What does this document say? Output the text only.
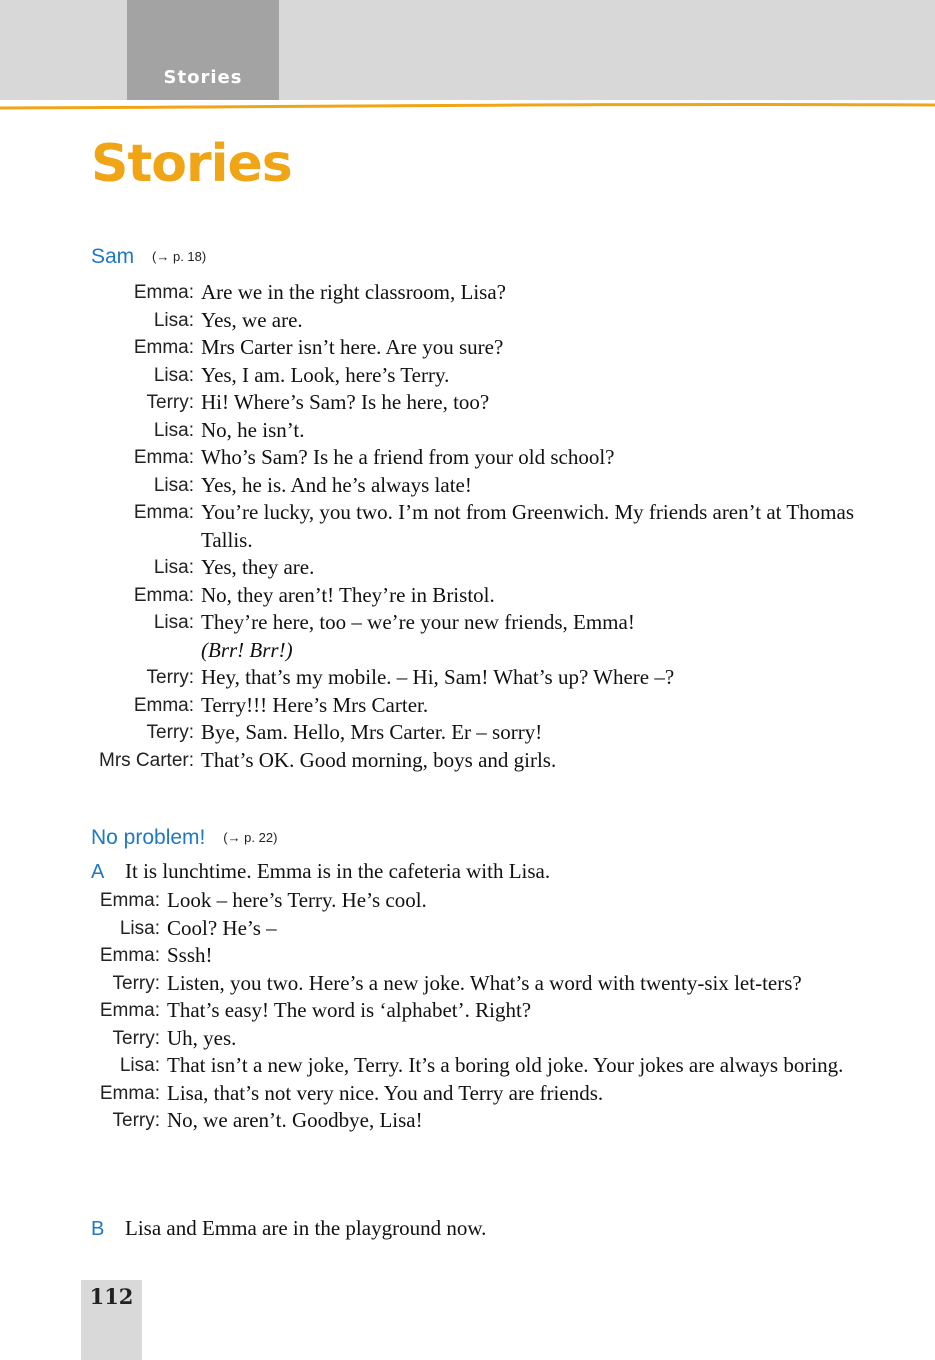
Stories
Stories
Sam (→ p. 18)
Emma: Are we in the right classroom, Lisa?
Lisa: Yes, we are.
Emma: Mrs Carter isn’t here. Are you sure?
Lisa: Yes, I am. Look, here’s Terry.
Terry: Hi! Where’s Sam? Is he here, too?
Lisa: No, he isn’t.
Emma: Who’s Sam? Is he a friend from your old school?
Lisa: Yes, he is. And he’s always late!
Emma: You’re lucky, you two. I’m not from Greenwich. My friends aren’t at Thomas Tallis.
Lisa: Yes, they are.
Emma: No, they aren’t! They’re in Bristol.
Lisa: They’re here, too – we’re your new friends, Emma!
(Brr! Brr!)
Terry: Hey, that’s my mobile. – Hi, Sam! What’s up? Where –?
Emma: Terry!!! Here’s Mrs Carter.
Terry: Bye, Sam. Hello, Mrs Carter. Er – sorry!
Mrs Carter: That’s OK. Good morning, boys and girls.
No problem! (→ p. 22)
A It is lunchtime. Emma is in the cafeteria with Lisa.
Emma: Look – here’s Terry. He’s cool.
Lisa: Cool? He’s –
Emma: Sssh!
Terry: Listen, you two. Here’s a new joke. What’s a word with twenty-six let-ters?
Emma: That’s easy! The word is ‘alphabet’. Right?
Terry: Uh, yes.
Lisa: That isn’t a new joke, Terry. It’s a boring old joke. Your jokes are always boring.
Emma: Lisa, that’s not very nice. You and Terry are friends.
Terry: No, we aren’t. Goodbye, Lisa!
B Lisa and Emma are in the playground now.
112
